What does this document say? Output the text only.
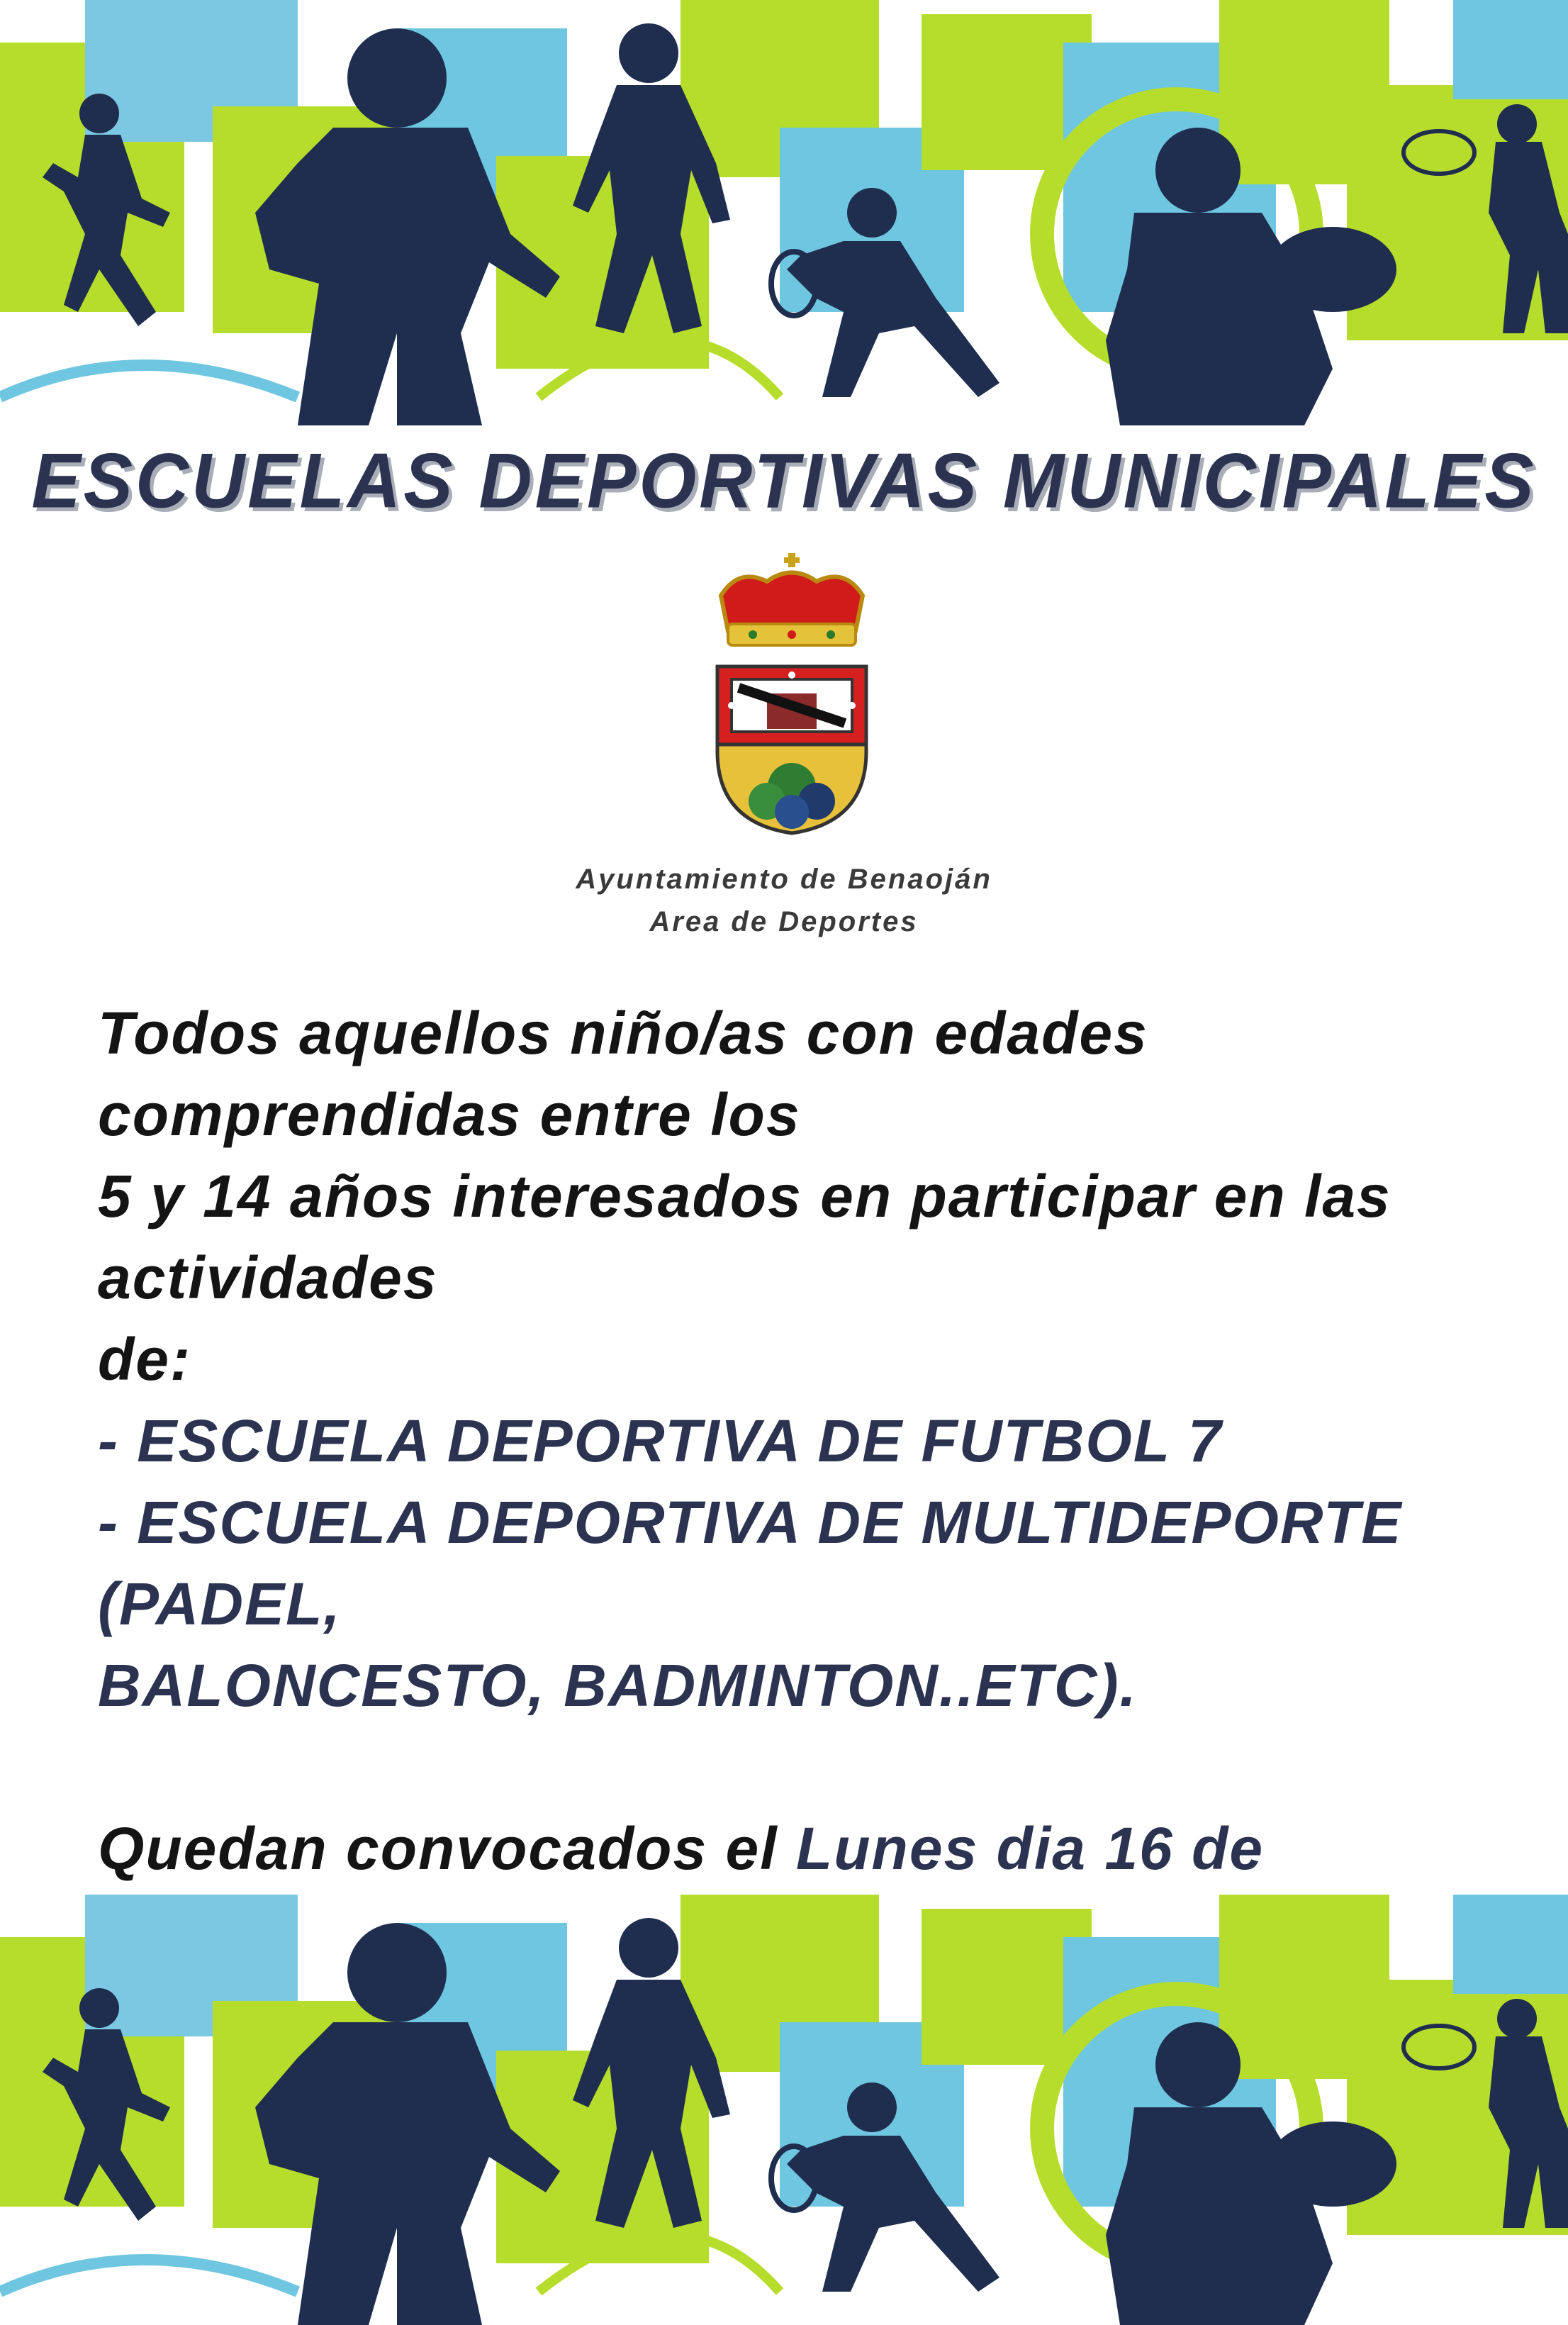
ESCUELAS DEPORTIVAS MUNICIPALES
Ayuntamiento de Benaoján
Area de Deportes

Todos aquellos niño/as con edades comprendidas entre los

5 y 14 años interesados en participar en las actividades

de:

- ESCUELA DEPORTIVA DE FUTBOL 7

- ESCUELA DEPORTIVA DE MULTIDEPORTE (PADEL,

BALONCESTO, BADMINTON..ETC).

Quedan convocados el Lunes dia 16 de
